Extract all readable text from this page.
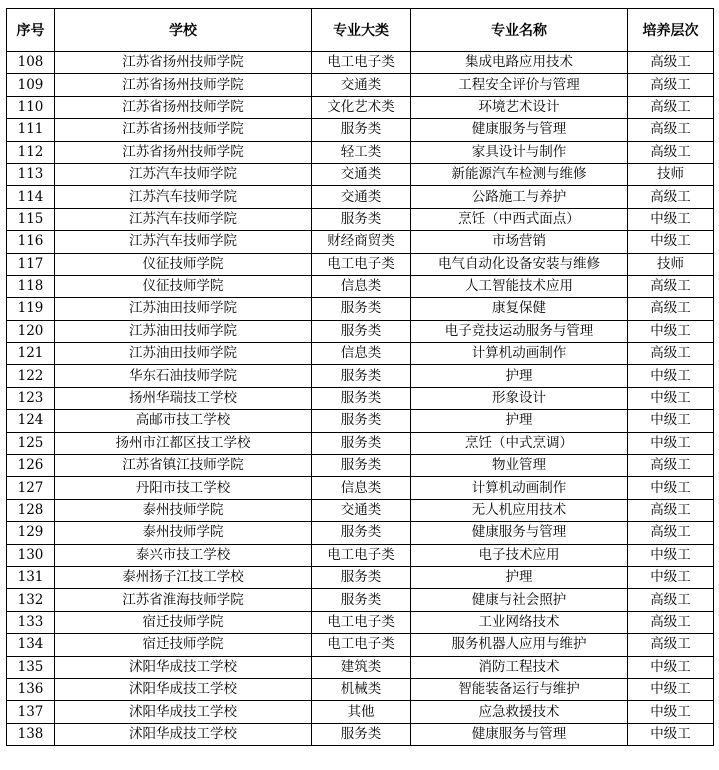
序号	学校	专业大类	专业名称	培养层次
108	江苏省扬州技师学院	电工电子类	集成电路应用技术	高级工
109	江苏省扬州技师学院	交通类	工程安全评价与管理	高级工
110	江苏省扬州技师学院	文化艺术类	环境艺术设计	高级工
111	江苏省扬州技师学院	服务类	健康服务与管理	高级工
112	江苏省扬州技师学院	轻工类	家具设计与制作	高级工
113	江苏汽车技师学院	交通类	新能源汽车检测与维修	技师
114	江苏汽车技师学院	交通类	公路施工与养护	高级工
115	江苏汽车技师学院	服务类	烹饪（中西式面点）	中级工
116	江苏汽车技师学院	财经商贸类	市场营销	中级工
117	仪征技师学院	电工电子类	电气自动化设备安装与维修	技师
118	仪征技师学院	信息类	人工智能技术应用	高级工
119	江苏油田技师学院	服务类	康复保健	高级工
120	江苏油田技师学院	服务类	电子竞技运动服务与管理	中级工
121	江苏油田技师学院	信息类	计算机动画制作	高级工
122	华东石油技师学院	服务类	护理	中级工
123	扬州华瑞技工学校	服务类	形象设计	中级工
124	高邮市技工学校	服务类	护理	中级工
125	扬州市江都区技工学校	服务类	烹饪（中式烹调）	中级工
126	江苏省镇江技师学院	服务类	物业管理	高级工
127	丹阳市技工学校	信息类	计算机动画制作	中级工
128	泰州技师学院	交通类	无人机应用技术	高级工
129	泰州技师学院	服务类	健康服务与管理	高级工
130	泰兴市技工学校	电工电子类	电子技术应用	中级工
131	泰州扬子江技工学校	服务类	护理	中级工
132	江苏省淮海技师学院	服务类	健康与社会照护	高级工
133	宿迁技师学院	电工电子类	工业网络技术	高级工
134	宿迁技师学院	电工电子类	服务机器人应用与维护	高级工
135	沭阳华成技工学校	建筑类	消防工程技术	中级工
136	沭阳华成技工学校	机械类	智能装备运行与维护	中级工
137	沭阳华成技工学校	其他	应急救援技术	中级工
138	沭阳华成技工学校	服务类	健康服务与管理	中级工
